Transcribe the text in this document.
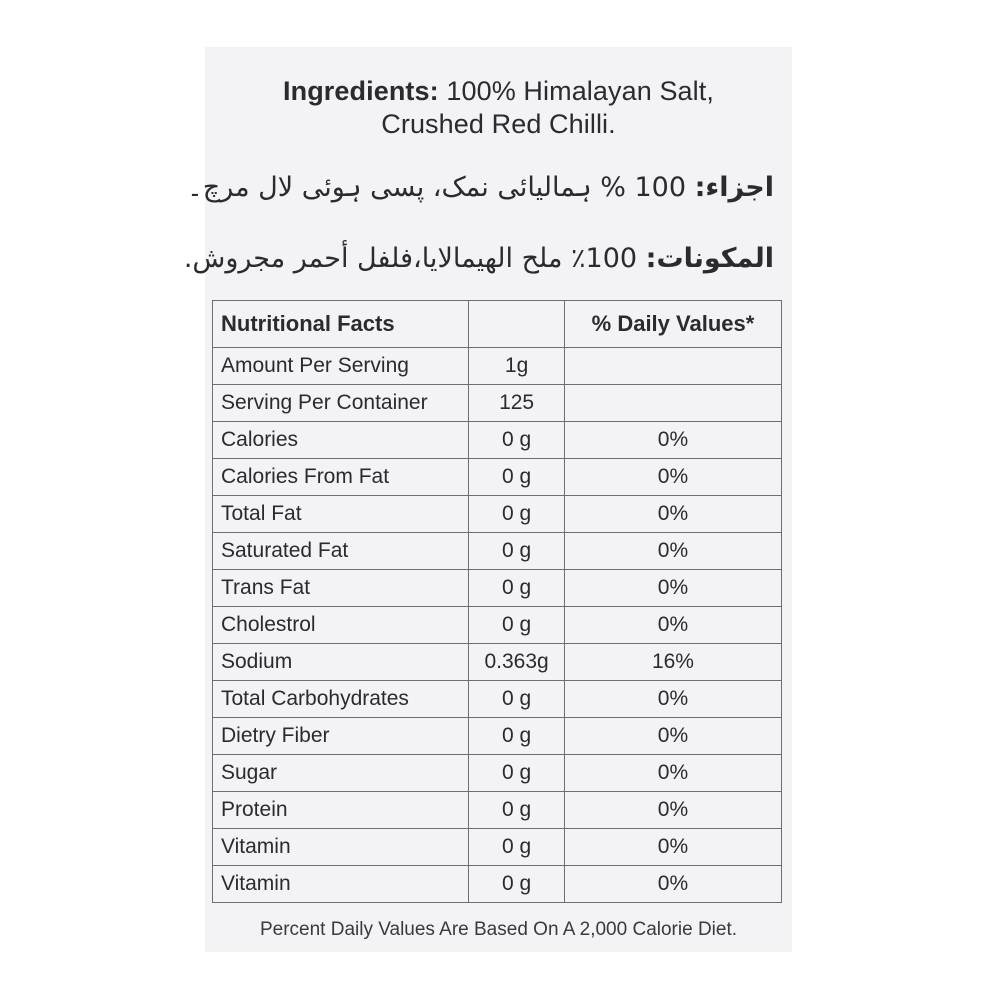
Ingredients: 100% Himalayan Salt,
Crushed Red Chilli.
اجزاء: 100 % ہمالیائی نمک، پسی ہوئی لال مرچ۔
المكونات: 100٪ ملح الهيمالايا،فلفل أحمر مجروش.
Nutritional Facts		% Daily Values*
Amount Per Serving	1g	
Serving Per Container	125	
Calories	0 g	0%
Calories From Fat	0 g	0%
Total Fat	0 g	0%
Saturated Fat	0 g	0%
Trans Fat	0 g	0%
Cholestrol	0 g	0%
Sodium	0.363g	16%
Total Carbohydrates	0 g	0%
Dietry Fiber	0 g	0%
Sugar	0 g	0%
Protein	0 g	0%
Vitamin	0 g	0%
Vitamin	0 g	0%
Percent Daily Values Are Based On A 2,000 Calorie Diet.
